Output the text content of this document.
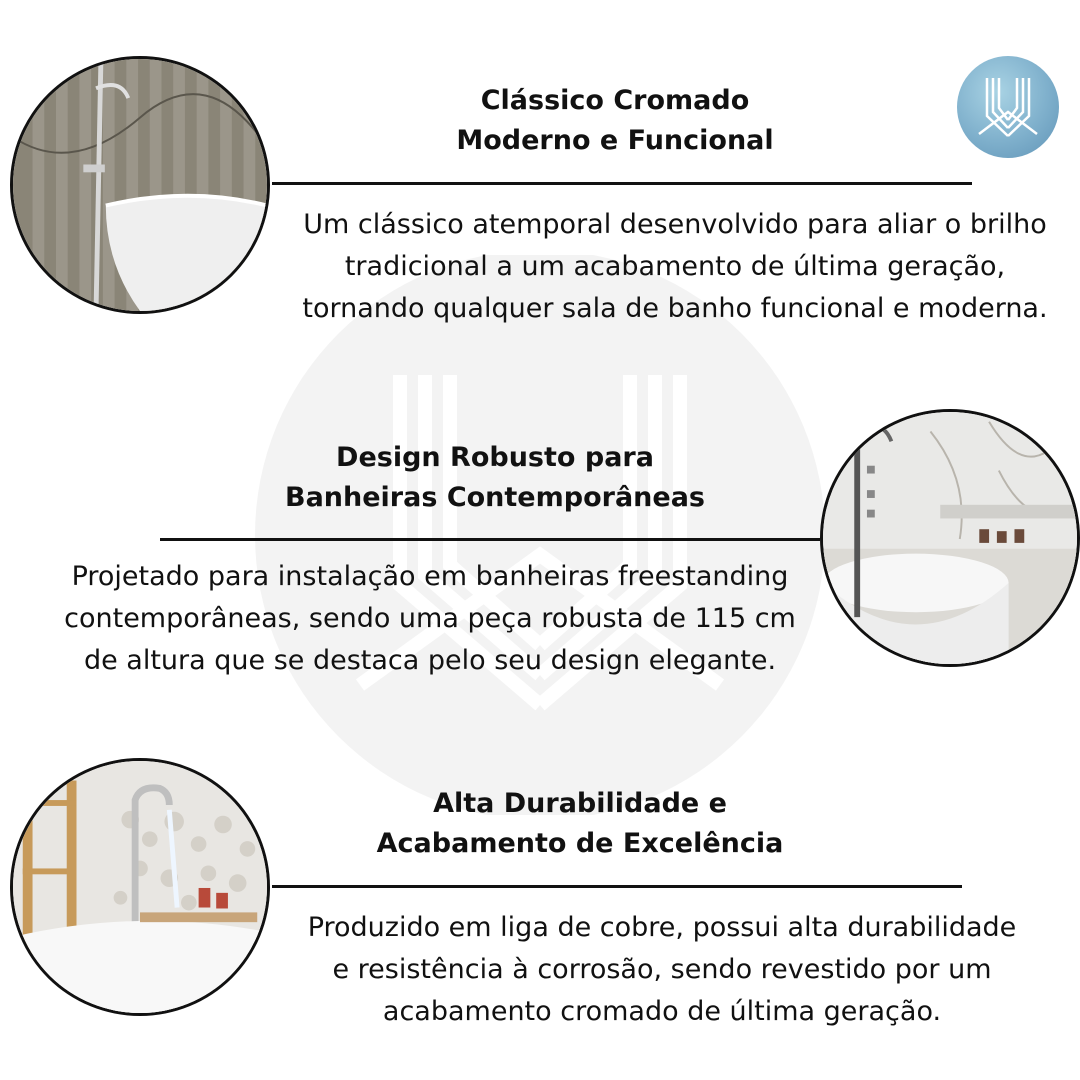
Clássico Cromado
Moderno e Funcional
Um clássico atemporal desenvolvido para aliar o brilho
tradicional a um acabamento de última geração,
tornando qualquer sala de banho funcional e moderna.
Design Robusto para
Banheiras Contemporâneas
Projetado para instalação em banheiras freestanding
contemporâneas, sendo uma peça robusta de 115 cm
de altura que se destaca pelo seu design elegante.
Alta Durabilidade e
Acabamento de Excelência
Produzido em liga de cobre, possui alta durabilidade
e resistência à corrosão, sendo revestido por um
acabamento cromado de última geração.
